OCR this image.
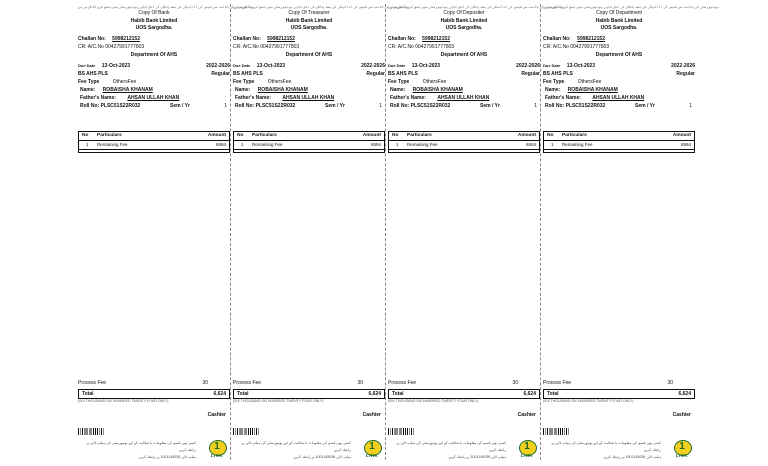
یونیورسٹی کی جانب سے فیس کی ادائیگی کے بعد چالان کی اصل کاپی یونیورسٹی میں جمع کروانا لازمی ہے
Copy Of Bank
Habib Bank Limited
UOS Sargodha.
Challan No: 5998212152
CR: A/C.No 00427991777803
Department Of AHS
Due Date 13-Oct-2023	2022-2026
BS AHS PLS	Regular
Fee Type	OthersFee
Name: ROBAISHA KHANAM
Father's Name: AHSAN ULLAH KHAN
Roll No: PLSC51S22R032	Sem / Yr	1
No Particulars	Amount
1 Remaining Fee	6594
Process Fee	30
Total	6,624
(SIX THOUSAND SIX HUNDRED TWENTY FOUR ONLY)
Cashier
کسی بھی قسم کی معلومات یا شکایت کے لیے یونیورسٹی کی ہیلپ لائن پر رابطہ کریں
ہیلپ لائن 1001145036 پر رابطہ کریں
1
LINK
یونیورسٹی کی جانب سے فیس کی ادائیگی کے بعد چالان کی اصل کاپی یونیورسٹی میں جمع کروانا لازمی ہے
Copy Of Treasurer
Habib Bank Limited
UOS Sargodha.
Challan No: 5998212152
CR: A/C.No 00427991777803
Department Of AHS
Due Date 13-Oct-2023	2022-2026
BS AHS PLS	Regular
Fee Type	OthersFee
Name: ROBAISHA KHANAM
Father's Name: AHSAN ULLAH KHAN
Roll No: PLSC51S22R032	Sem / Yr	1
No Particulars	Amount
1 Remaining Fee	6594
Process Fee	30
Total	6,624
(SIX THOUSAND SIX HUNDRED TWENTY FOUR ONLY)
Cashier
کسی بھی قسم کی معلومات یا شکایت کے لیے یونیورسٹی کی ہیلپ لائن پر رابطہ کریں
ہیلپ لائن 1001145036 پر رابطہ کریں
1
LINK
یونیورسٹی کی جانب سے فیس کی ادائیگی کے بعد چالان کی اصل کاپی یونیورسٹی میں جمع کروانا لازمی ہے
Copy Of Depositer
Habib Bank Limited
UOS Sargodha.
Challan No: 5998212152
CR: A/C.No 00427991777803
Department Of AHS
Due Date 13-Oct-2023	2022-2026
BS AHS PLS	Regular
Fee Type	OthersFee
Name: ROBAISHA KHANAM
Father's Name: AHSAN ULLAH KHAN
Roll No: PLSC51S22R032	Sem / Yr	1
No Particulars	Amount
1 Remaining Fee	6594
Process Fee	30
Total	6,624
(SIX THOUSAND SIX HUNDRED TWENTY FOUR ONLY)
Cashier
کسی بھی قسم کی معلومات یا شکایت کے لیے یونیورسٹی کی ہیلپ لائن پر رابطہ کریں
ہیلپ لائن 1001145036 پر رابطہ کریں
1
LINK
یونیورسٹی کی جانب سے فیس کی ادائیگی کے بعد چالان کی اصل کاپی یونیورسٹی میں جمع کروانا لازمی ہے
Copy Of Department
Habib Bank Limited
UOS Sargodha.
Challan No: 5998212152
CR: A/C.No 00427991777803
Department Of AHS
Due Date 13-Oct-2023	2022-2026
BS AHS PLS	Regular
Fee Type	OthersFee
Name: ROBAISHA KHANAM
Father's Name: AHSAN ULLAH KHAN
Roll No: PLSC51S22R032	Sem / Yr	1
No Particulars	Amount
1 Remaining Fee	6594
Process Fee	30
Total	6,624
(SIX THOUSAND SIX HUNDRED TWENTY FOUR ONLY)
Cashier
کسی بھی قسم کی معلومات یا شکایت کے لیے یونیورسٹی کی ہیلپ لائن پر رابطہ کریں
ہیلپ لائن 1001145036 پر رابطہ کریں
1
LINK
